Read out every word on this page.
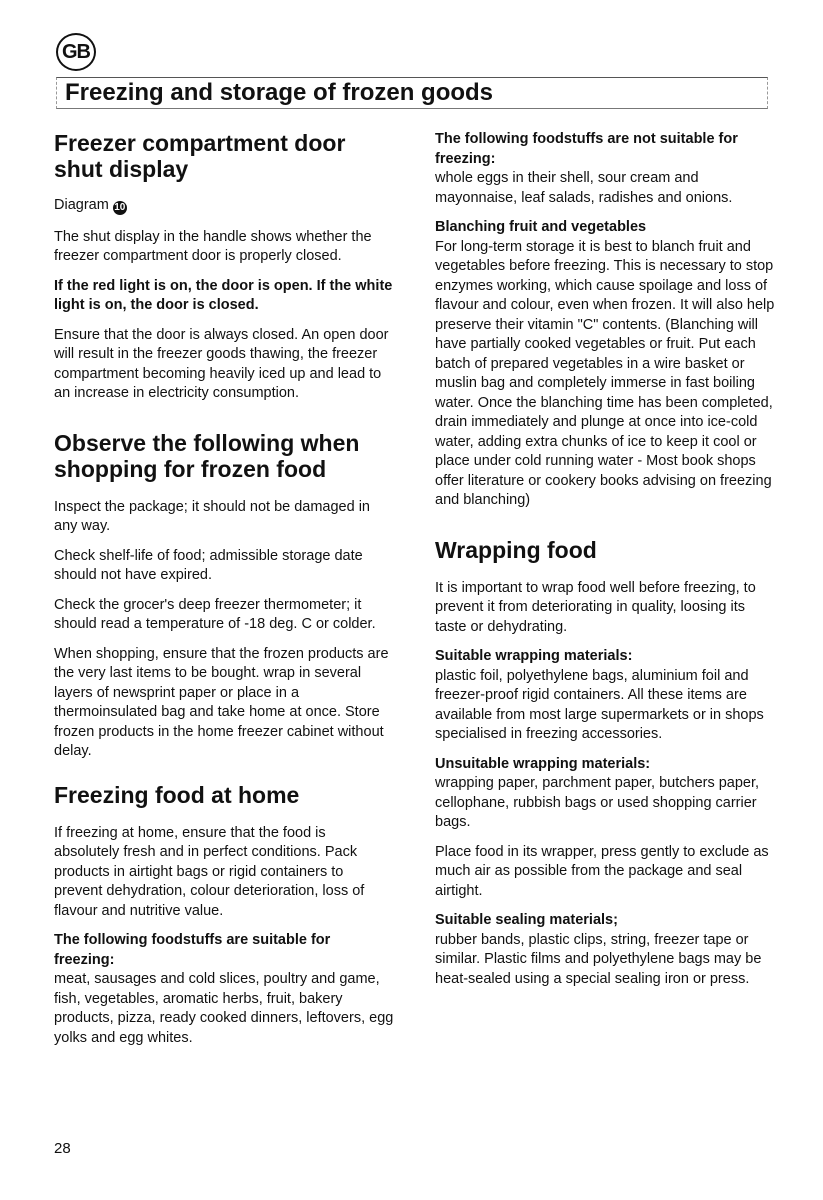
GB
Freezing and storage of frozen goods
Freezer compartment door shut display

Diagram 10

The shut display in the handle shows whether the freezer compartment door is properly closed.

If the red light is on, the door is open. If the white light is on, the door is closed.

Ensure that the door is always closed. An open door will result in the freezer goods thawing, the freezer compartment becoming heavily iced up and lead to an increase in electricity consumption.

Observe the following when shopping for frozen food

Inspect the package; it should not be damaged in any way.

Check shelf-life of food; admissible storage date should not have expired.

Check the grocer's deep freezer thermometer; it should read a temperature of -18 deg. C or colder.

When shopping, ensure that the frozen products are the very last items to be bought. wrap in several layers of newsprint paper or place in a thermoinsulated bag and take home at once. Store frozen products in the home freezer cabinet without delay.

Freezing food at home

If freezing at home, ensure that the food is absolutely fresh and in perfect conditions. Pack products in airtight bags or rigid containers to prevent dehydration, colour deterioration, loss of flavour and nutritive value.

The following foodstuffs are suitable for freezing:

meat, sausages and cold slices, poultry and game, fish, vegetables, aromatic herbs, fruit, bakery products, pizza, ready cooked dinners, leftovers, egg yolks and egg whites.

The following foodstuffs are not suitable for freezing:

whole eggs in their shell, sour cream and mayonnaise, leaf salads, radishes and onions.

Blanching fruit and vegetables

For long-term storage it is best to blanch fruit and vegetables before freezing. This is necessary to stop enzymes working, which cause spoilage and loss of flavour and colour, even when frozen. It will also help preserve their vitamin "C" contents. (Blanching will have partially cooked vegetables or fruit. Put each batch of prepared vegetables in a wire basket or muslin bag and completely immerse in fast boiling water. Once the blanching time has been completed, drain immediately and plunge at once into ice-cold water, adding extra chunks of ice to keep it cool or place under cold running water - Most book shops offer literature or cookery books advising on freezing and blanching)

Wrapping food

It is important to wrap food well before freezing, to prevent it from deteriorating in quality, loosing its taste or dehydrating.

Suitable wrapping materials:

plastic foil, polyethylene bags, aluminium foil and freezer-proof rigid containers. All these items are available from most large supermarkets or in shops specialised in freezing accessories.

Unsuitable wrapping materials:

wrapping paper, parchment paper, butchers paper, cellophane, rubbish bags or used shopping carrier bags.

Place food in its wrapper, press gently to exclude as much air as possible from the package and seal airtight.

Suitable sealing materials;

rubber bands, plastic clips, string, freezer tape or similar. Plastic films and polyethylene bags may be heat-sealed using a special sealing iron or press.

28
